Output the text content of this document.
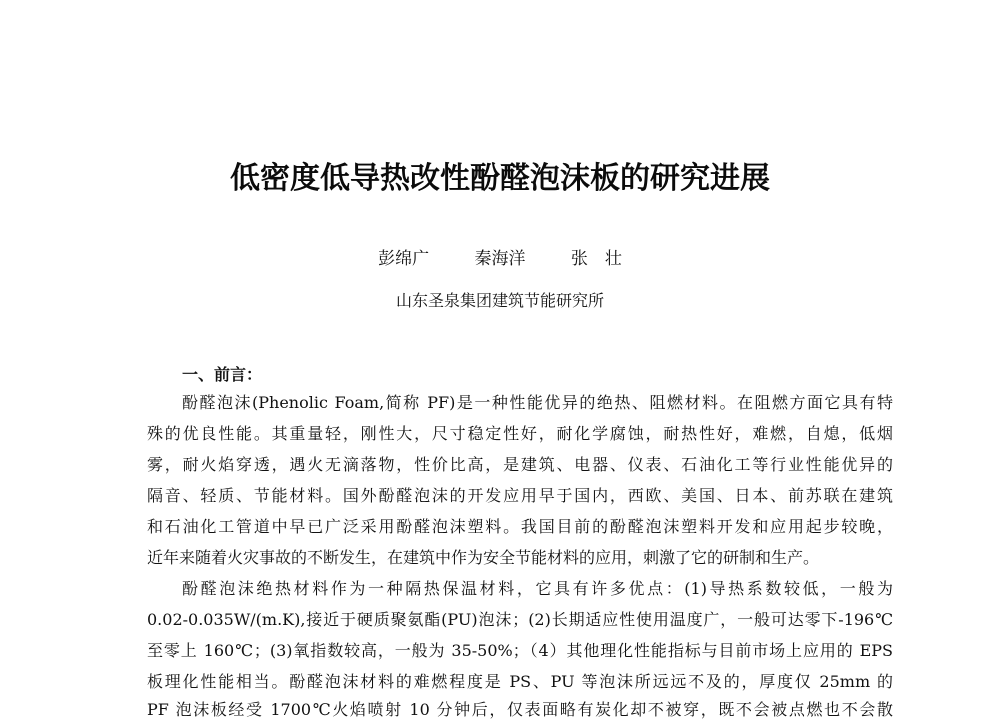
低密度低导热改性酚醛泡沫板的研究进展
彭绵广	秦海洋	张　壮
山东圣泉集团建筑节能研究所
一、前言：
酚醛泡沫(Phenolic Foam,简称 PF)是一种性能优异的绝热、阻燃材料。在阻燃方面它具有特
殊的优良性能。其重量轻，刚性大，尺寸稳定性好，耐化学腐蚀，耐热性好，难燃，自熄，低烟
雾，耐火焰穿透，遇火无滴落物，性价比高，是建筑、电器、仪表、石油化工等行业性能优异的
隔音、轻质、节能材料。国外酚醛泡沫的开发应用早于国内，西欧、美国、日本、前苏联在建筑
和石油化工管道中早已广泛采用酚醛泡沫塑料。我国目前的酚醛泡沫塑料开发和应用起步较晚，
近年来随着火灾事故的不断发生，在建筑中作为安全节能材料的应用，刺激了它的研制和生产。
酚醛泡沫绝热材料作为一种隔热保温材料，它具有许多优点：(1)导热系数较低，一般为
0.02-0.035W/(m.K),接近于硬质聚氨酯(PU)泡沫；(2)长期适应性使用温度广，一般可达零下-196℃
至零上 160℃；(3)氧指数较高，一般为 35-50%；（4）其他理化性能指标与目前市场上应用的 EPS
板理化性能相当。酚醛泡沫材料的难燃程度是 PS、PU 等泡沫所远远不及的，厚度仅 25mm 的
PF 泡沫板经受 1700℃火焰喷射 10 分钟后，仅表面略有炭化却不被穿，既不会被点燃也不会散
